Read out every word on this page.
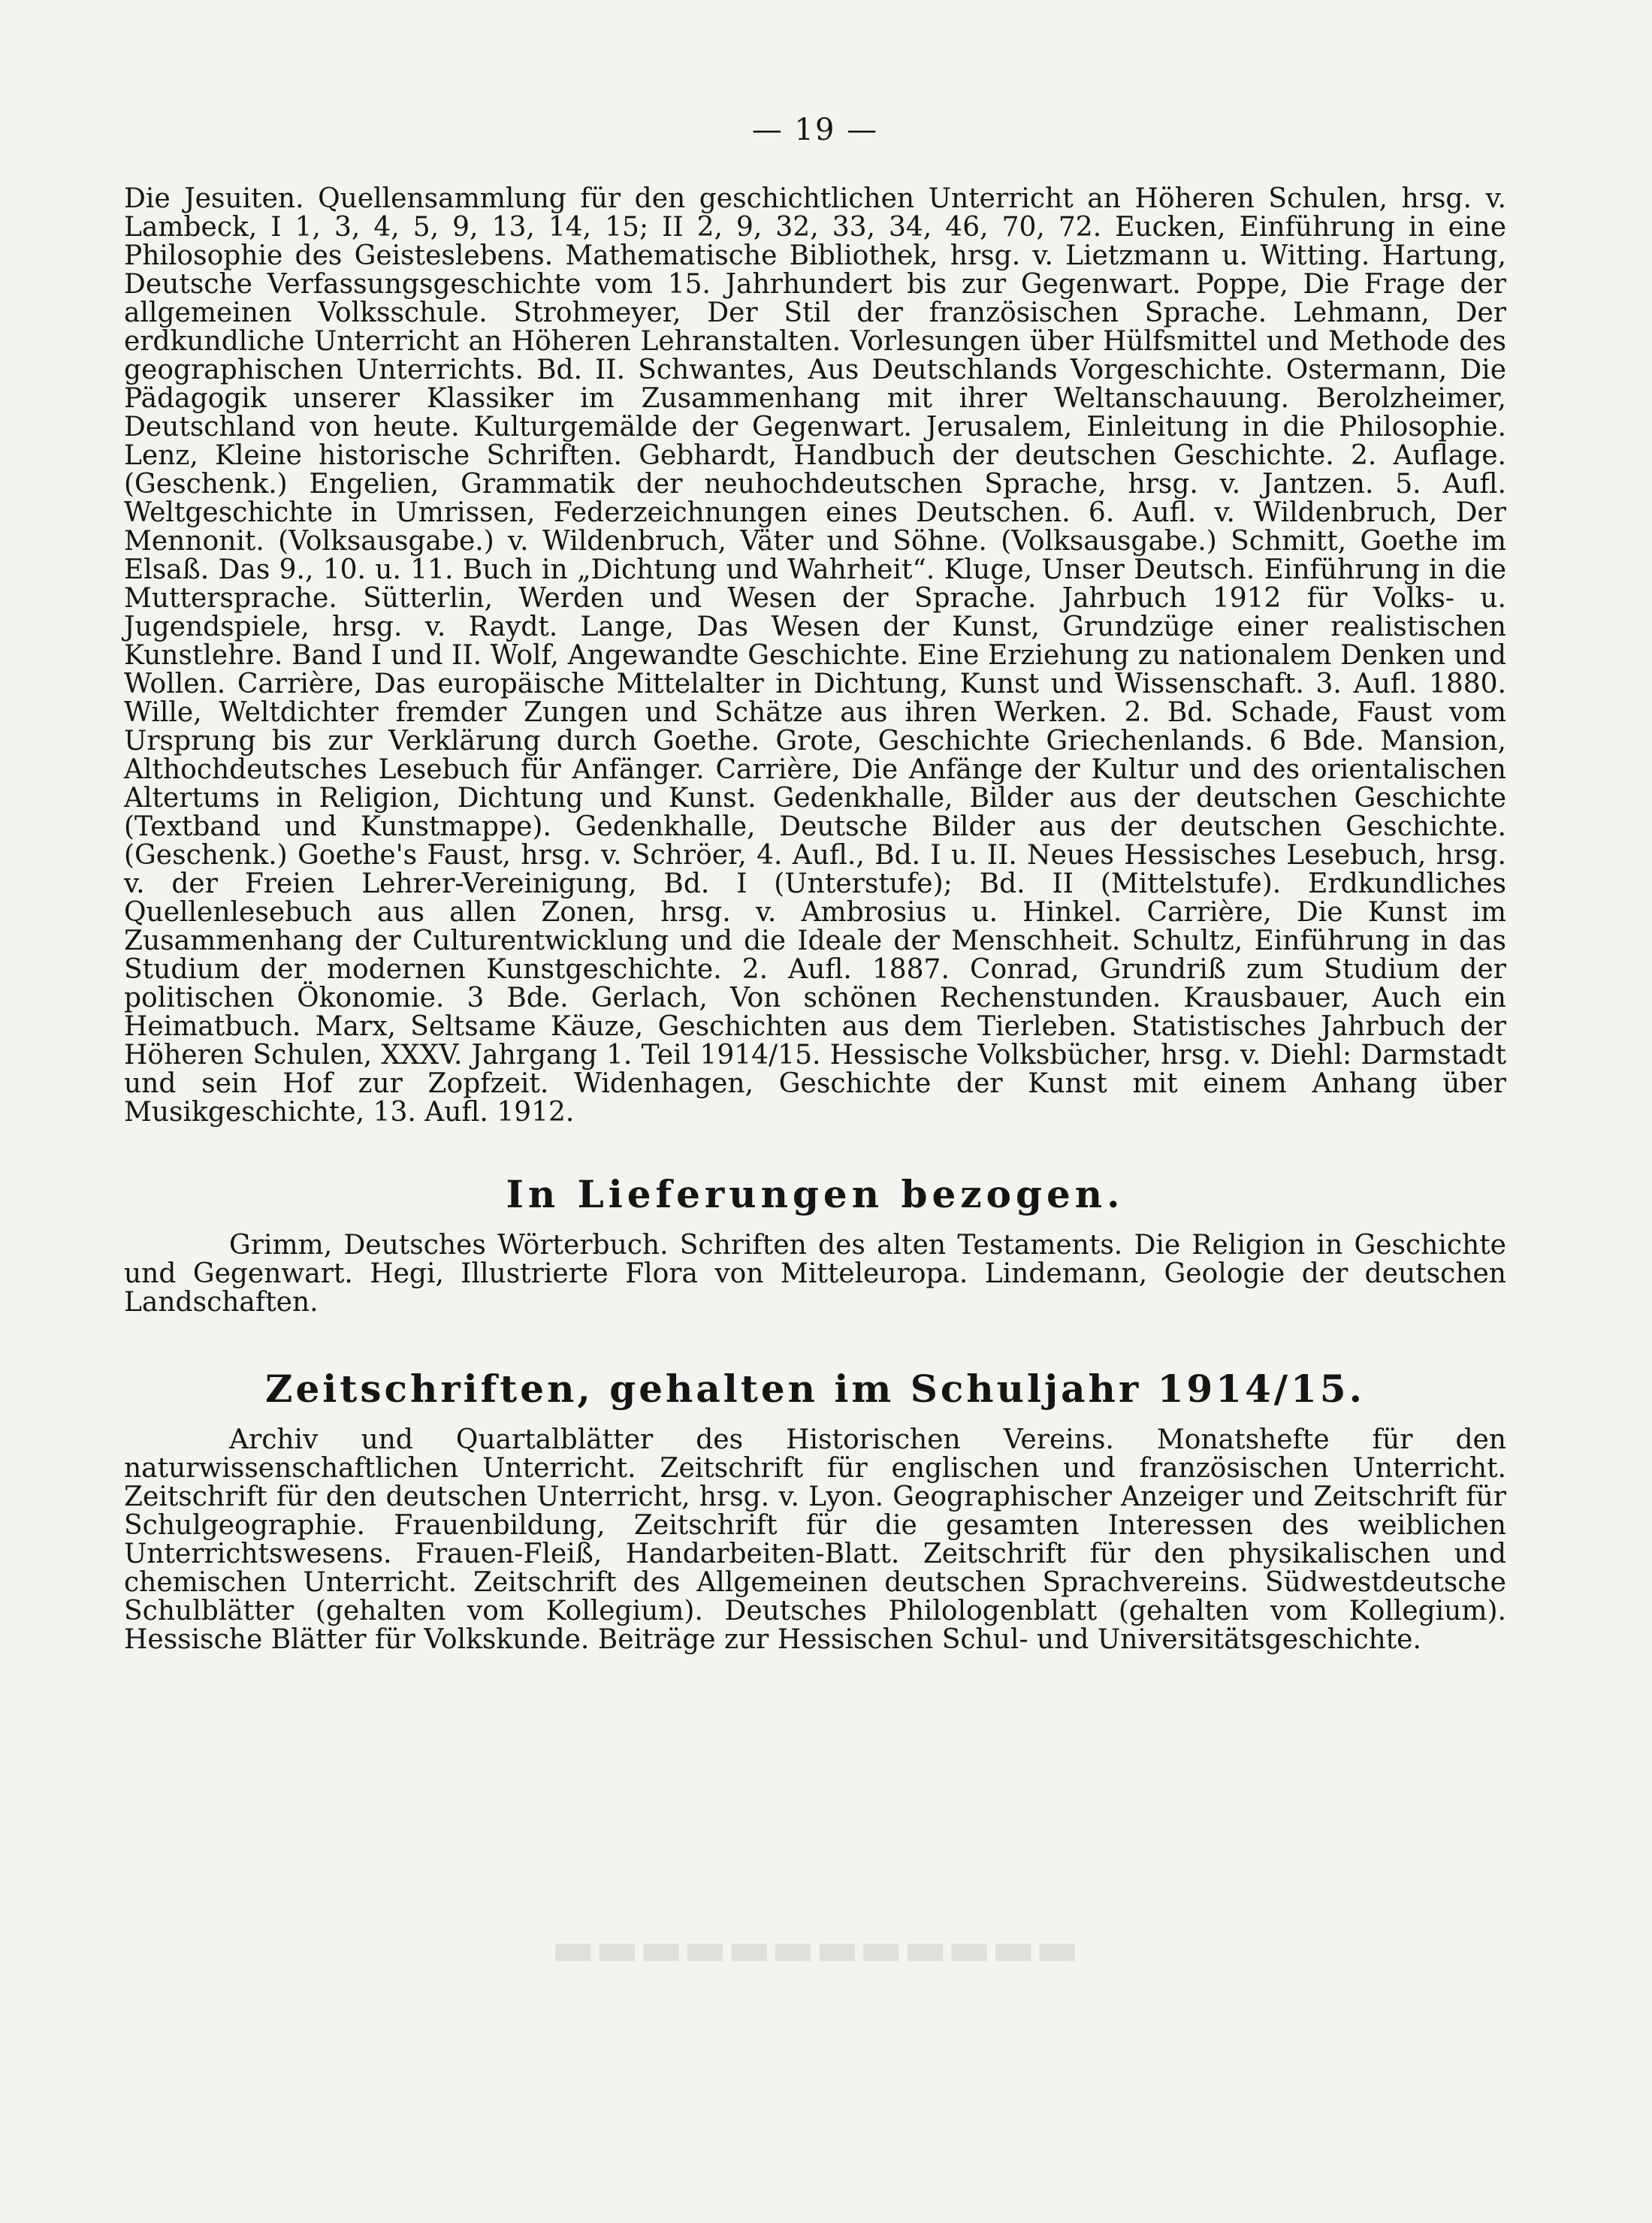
— 19 —

Die Jesuiten. Quellensammlung für den geschichtlichen Unterricht an Höheren Schulen, hrsg. v. Lambeck, I 1, 3, 4, 5, 9, 13, 14, 15; II 2, 9, 32, 33, 34, 46, 70, 72. Eucken, Einführung in eine Philosophie des Geisteslebens. Mathematische Bibliothek, hrsg. v. Lietzmann u. Witting. Hartung, Deutsche Verfassungsgeschichte vom 15. Jahrhundert bis zur Gegenwart. Poppe, Die Frage der allgemeinen Volksschule. Strohmeyer, Der Stil der französischen Sprache. Lehmann, Der erdkundliche Unterricht an Höheren Lehranstalten. Vorlesungen über Hülfsmittel und Methode des geographischen Unterrichts. Bd. II. Schwantes, Aus Deutschlands Vorgeschichte. Ostermann, Die Pädagogik unserer Klassiker im Zusammenhang mit ihrer Weltanschauung. Berolzheimer, Deutschland von heute. Kulturgemälde der Gegenwart. Jerusalem, Einleitung in die Philosophie. Lenz, Kleine historische Schriften. Gebhardt, Handbuch der deutschen Geschichte. 2. Auflage. (Geschenk.) Engelien, Grammatik der neuhochdeutschen Sprache, hrsg. v. Jantzen. 5. Aufl. Weltgeschichte in Umrissen, Federzeichnungen eines Deutschen. 6. Aufl. v. Wildenbruch, Der Mennonit. (Volksausgabe.) v. Wildenbruch, Väter und Söhne. (Volksausgabe.) Schmitt, Goethe im Elsaß. Das 9., 10. u. 11. Buch in „Dichtung und Wahrheit“. Kluge, Unser Deutsch. Einführung in die Muttersprache. Sütterlin, Werden und Wesen der Sprache. Jahrbuch 1912 für Volks- u. Jugendspiele, hrsg. v. Raydt. Lange, Das Wesen der Kunst, Grundzüge einer realistischen Kunstlehre. Band I und II. Wolf, Angewandte Geschichte. Eine Erziehung zu nationalem Denken und Wollen. Carrière, Das europäische Mittelalter in Dichtung, Kunst und Wissenschaft. 3. Aufl. 1880. Wille, Weltdichter fremder Zungen und Schätze aus ihren Werken. 2. Bd. Schade, Faust vom Ursprung bis zur Verklärung durch Goethe. Grote, Geschichte Griechenlands. 6 Bde. Mansion, Althochdeutsches Lesebuch für Anfänger. Carrière, Die Anfänge der Kultur und des orientalischen Altertums in Religion, Dichtung und Kunst. Gedenkhalle, Bilder aus der deutschen Geschichte (Textband und Kunstmappe). Gedenkhalle, Deutsche Bilder aus der deutschen Geschichte. (Geschenk.) Goethe's Faust, hrsg. v. Schröer, 4. Aufl., Bd. I u. II. Neues Hessisches Lesebuch, hrsg. v. der Freien Lehrer-Vereinigung, Bd. I (Unterstufe); Bd. II (Mittelstufe). Erdkundliches Quellenlesebuch aus allen Zonen, hrsg. v. Ambrosius u. Hinkel. Carrière, Die Kunst im Zusammenhang der Culturentwicklung und die Ideale der Menschheit. Schultz, Einführung in das Studium der modernen Kunstgeschichte. 2. Aufl. 1887. Conrad, Grundriß zum Studium der politischen Ökonomie. 3 Bde. Gerlach, Von schönen Rechenstunden. Krausbauer, Auch ein Heimatbuch. Marx, Seltsame Käuze, Geschichten aus dem Tierleben. Statistisches Jahrbuch der Höheren Schulen, XXXV. Jahrgang 1. Teil 1914/15. Hessische Volksbücher, hrsg. v. Diehl: Darmstadt und sein Hof zur Zopfzeit. Widenhagen, Geschichte der Kunst mit einem Anhang über Musikgeschichte, 13. Aufl. 1912.

In Lieferungen bezogen.

Grimm, Deutsches Wörterbuch. Schriften des alten Testaments. Die Religion in Geschichte und Gegenwart. Hegi, Illustrierte Flora von Mitteleuropa. Lindemann, Geologie der deutschen Landschaften.

Zeitschriften, gehalten im Schuljahr 1914/15.

Archiv und Quartalblätter des Historischen Vereins. Monatshefte für den naturwissenschaftlichen Unterricht. Zeitschrift für englischen und französischen Unterricht. Zeitschrift für den deutschen Unterricht, hrsg. v. Lyon. Geographischer Anzeiger und Zeitschrift für Schulgeographie. Frauenbildung, Zeitschrift für die gesamten Interessen des weiblichen Unterrichtswesens. Frauen-Fleiß, Handarbeiten-Blatt. Zeitschrift für den physikalischen und chemischen Unterricht. Zeitschrift des Allgemeinen deutschen Sprachvereins. Südwestdeutsche Schulblätter (gehalten vom Kollegium). Deutsches Philologenblatt (gehalten vom Kollegium). Hessische Blätter für Volkskunde. Beiträge zur Hessischen Schul- und Universitätsgeschichte.

▬▬▬▬▬▬▬▬▬▬▬▬
